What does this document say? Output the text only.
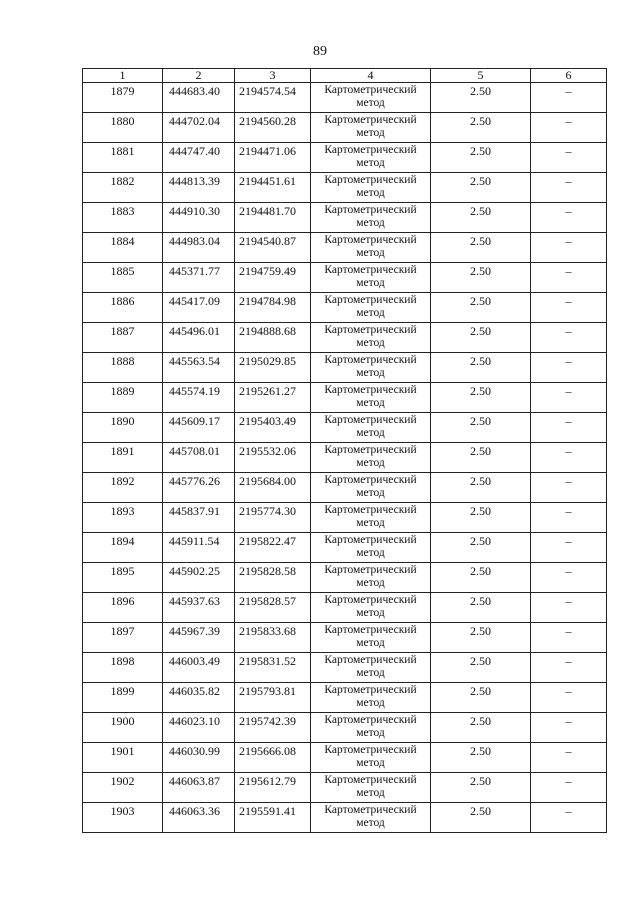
89
1	2	3	4	5	6
1879	444683.40	2194574.54	Картометрический метод	2.50	–
1880	444702.04	2194560.28	Картометрический метод	2.50	–
1881	444747.40	2194471.06	Картометрический метод	2.50	–
1882	444813.39	2194451.61	Картометрический метод	2.50	–
1883	444910.30	2194481.70	Картометрический метод	2.50	–
1884	444983.04	2194540.87	Картометрический метод	2.50	–
1885	445371.77	2194759.49	Картометрический метод	2.50	–
1886	445417.09	2194784.98	Картометрический метод	2.50	–
1887	445496.01	2194888.68	Картометрический метод	2.50	–
1888	445563.54	2195029.85	Картометрический метод	2.50	–
1889	445574.19	2195261.27	Картометрический метод	2.50	–
1890	445609.17	2195403.49	Картометрический метод	2.50	–
1891	445708.01	2195532.06	Картометрический метод	2.50	–
1892	445776.26	2195684.00	Картометрический метод	2.50	–
1893	445837.91	2195774.30	Картометрический метод	2.50	–
1894	445911.54	2195822.47	Картометрический метод	2.50	–
1895	445902.25	2195828.58	Картометрический метод	2.50	–
1896	445937.63	2195828.57	Картометрический метод	2.50	–
1897	445967.39	2195833.68	Картометрический метод	2.50	–
1898	446003.49	2195831.52	Картометрический метод	2.50	–
1899	446035.82	2195793.81	Картометрический метод	2.50	–
1900	446023.10	2195742.39	Картометрический метод	2.50	–
1901	446030.99	2195666.08	Картометрический метод	2.50	–
1902	446063.87	2195612.79	Картометрический метод	2.50	–
1903	446063.36	2195591.41	Картометрический метод	2.50	–
